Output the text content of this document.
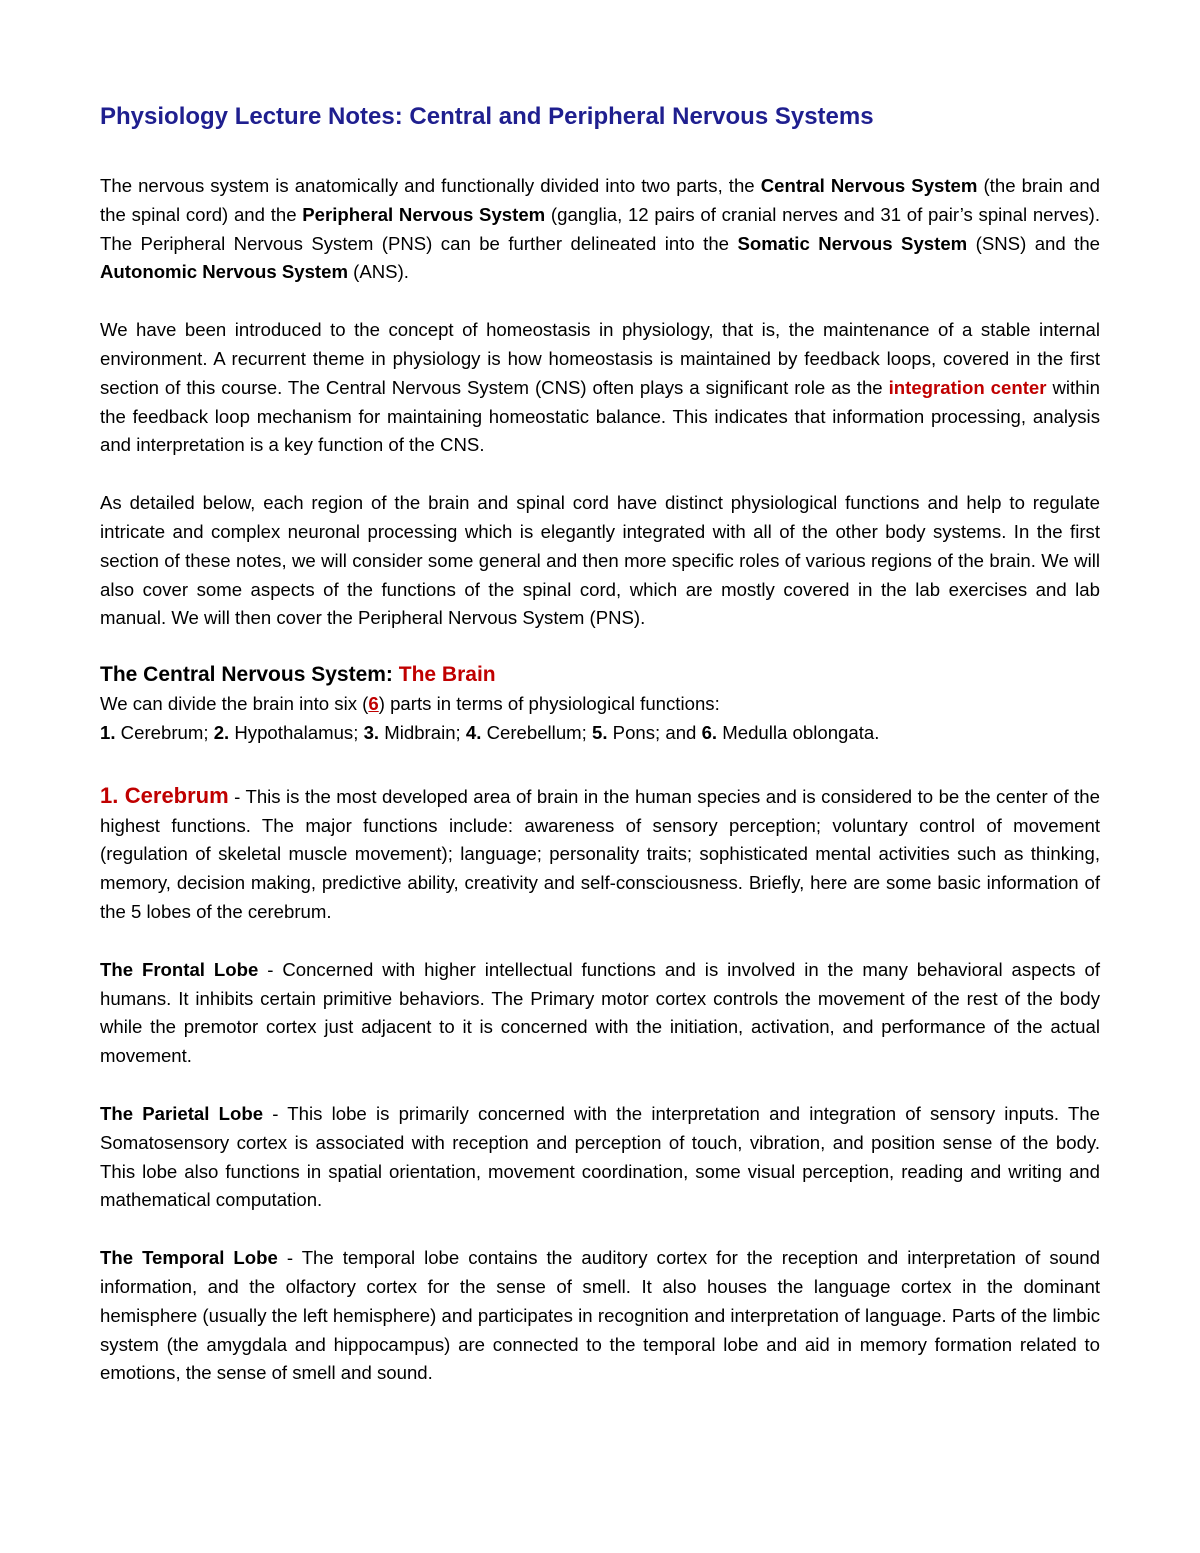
Physiology Lecture Notes: Central and Peripheral Nervous Systems

The nervous system is anatomically and functionally divided into two parts, the Central Nervous System (the brain and the spinal cord) and the Peripheral Nervous System (ganglia, 12 pairs of cranial nerves and 31 of pair’s spinal nerves). The Peripheral Nervous System (PNS) can be further delineated into the Somatic Nervous System (SNS) and the Autonomic Nervous System (ANS).

We have been introduced to the concept of homeostasis in physiology, that is, the maintenance of a stable internal environment. A recurrent theme in physiology is how homeostasis is maintained by feedback loops, covered in the first section of this course. The Central Nervous System (CNS) often plays a significant role as the integration center within the feedback loop mechanism for maintaining homeostatic balance. This indicates that information processing, analysis and interpretation is a key function of the CNS.

As detailed below, each region of the brain and spinal cord have distinct physiological functions and help to regulate intricate and complex neuronal processing which is elegantly integrated with all of the other body systems. In the first section of these notes, we will consider some general and then more specific roles of various regions of the brain. We will also cover some aspects of the functions of the spinal cord, which are mostly covered in the lab exercises and lab manual. We will then cover the Peripheral Nervous System (PNS).

The Central Nervous System: The Brain

We can divide the brain into six (6) parts in terms of physiological functions:

1. Cerebrum; 2. Hypothalamus; 3. Midbrain; 4. Cerebellum; 5. Pons; and 6. Medulla oblongata.

1. Cerebrum - This is the most developed area of brain in the human species and is considered to be the center of the highest functions. The major functions include: awareness of sensory perception; voluntary control of movement (regulation of skeletal muscle movement); language; personality traits; sophisticated mental activities such as thinking, memory, decision making, predictive ability, creativity and self-consciousness. Briefly, here are some basic information of the 5 lobes of the cerebrum.

The Frontal Lobe - Concerned with higher intellectual functions and is involved in the many behavioral aspects of humans. It inhibits certain primitive behaviors. The Primary motor cortex controls the movement of the rest of the body while the premotor cortex just adjacent to it is concerned with the initiation, activation, and performance of the actual movement.

The Parietal Lobe - This lobe is primarily concerned with the interpretation and integration of sensory inputs. The Somatosensory cortex is associated with reception and perception of touch, vibration, and position sense of the body. This lobe also functions in spatial orientation, movement coordination, some visual perception, reading and writing and mathematical computation.

The Temporal Lobe - The temporal lobe contains the auditory cortex for the reception and interpretation of sound information, and the olfactory cortex for the sense of smell. It also houses the language cortex in the dominant hemisphere (usually the left hemisphere) and participates in recognition and interpretation of language. Parts of the limbic system (the amygdala and hippocampus) are connected to the temporal lobe and aid in memory formation related to emotions, the sense of smell and sound.
